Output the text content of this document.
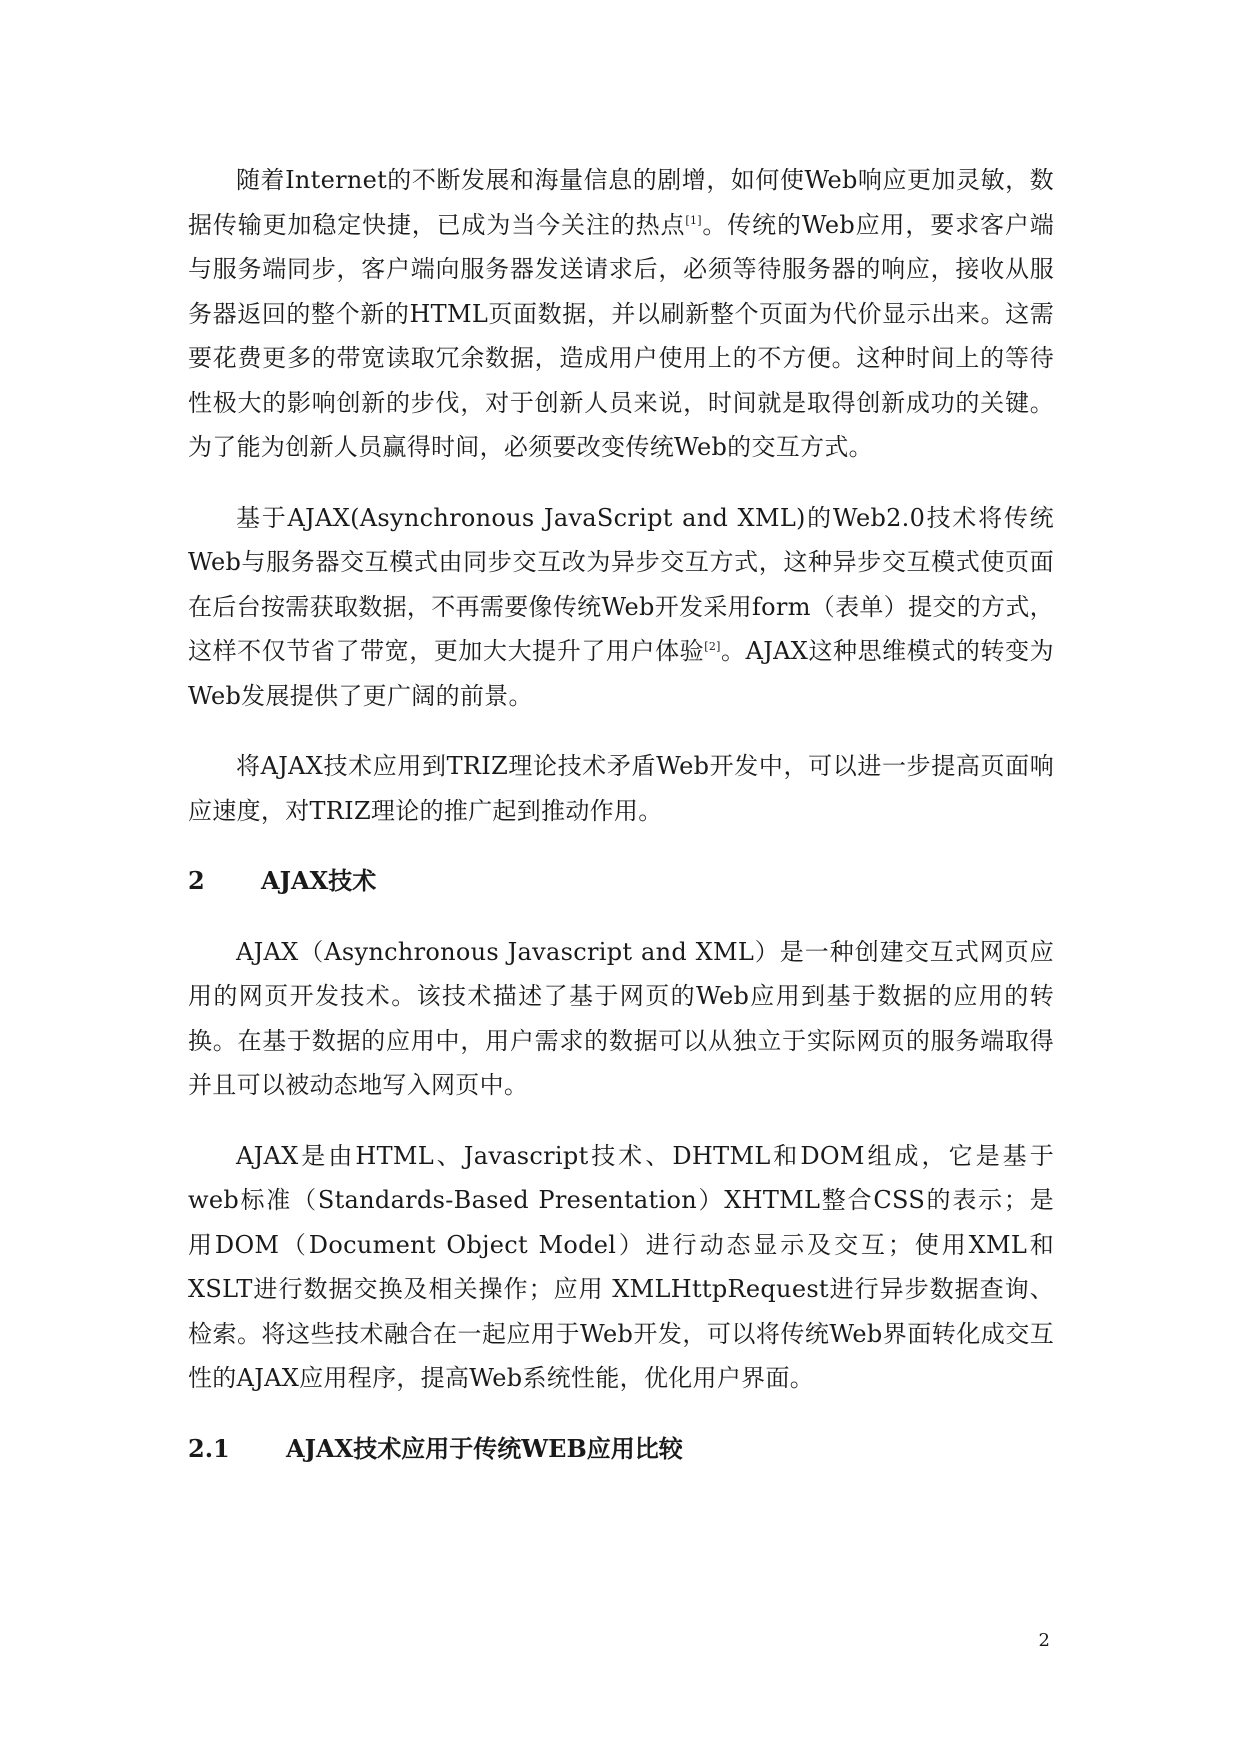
随着Internet的不断发展和海量信息的剧增，如何使Web响应更加灵敏，数据传输更加稳定快捷，已成为当今关注的热点[1]。传统的Web应用，要求客户端与服务端同步，客户端向服务器发送请求后，必须等待服务器的响应，接收从服务器返回的整个新的HTML页面数据，并以刷新整个页面为代价显示出来。这需要花费更多的带宽读取冗余数据，造成用户使用上的不方便。这种时间上的等待性极大的影响创新的步伐，对于创新人员来说，时间就是取得创新成功的关键。为了能为创新人员赢得时间，必须要改变传统Web的交互方式。

基于AJAX(Asynchronous JavaScript and XML)的Web2.0技术将传统Web与服务器交互模式由同步交互改为异步交互方式，这种异步交互模式使页面在后台按需获取数据，不再需要像传统Web开发采用form（表单）提交的方式，这样不仅节省了带宽，更加大大提升了用户体验[2]。AJAX这种思维模式的转变为Web发展提供了更广阔的前景。

将AJAX技术应用到TRIZ理论技术矛盾Web开发中，可以进一步提高页面响应速度，对TRIZ理论的推广起到推动作用。

2	AJAX技术

AJAX（Asynchronous Javascript and XML）是一种创建交互式网页应用的网页开发技术。该技术描述了基于网页的Web应用到基于数据的应用的转换。在基于数据的应用中，用户需求的数据可以从独立于实际网页的服务端取得并且可以被动态地写入网页中。

AJAX是由HTML、Javascript技术、DHTML和DOM组成，它是基于web标准（Standards-Based Presentation）XHTML整合CSS的表示；是用DOM（Document Object Model）进行动态显示及交互；使用XML和XSLT进行数据交换及相关操作；应用 XMLHttpRequest进行异步数据查询、检索。将这些技术融合在一起应用于Web开发，可以将传统Web界面转化成交互性的AJAX应用程序，提高Web系统性能，优化用户界面。

2.1	AJAX技术应用于传统WEB应用比较
2
